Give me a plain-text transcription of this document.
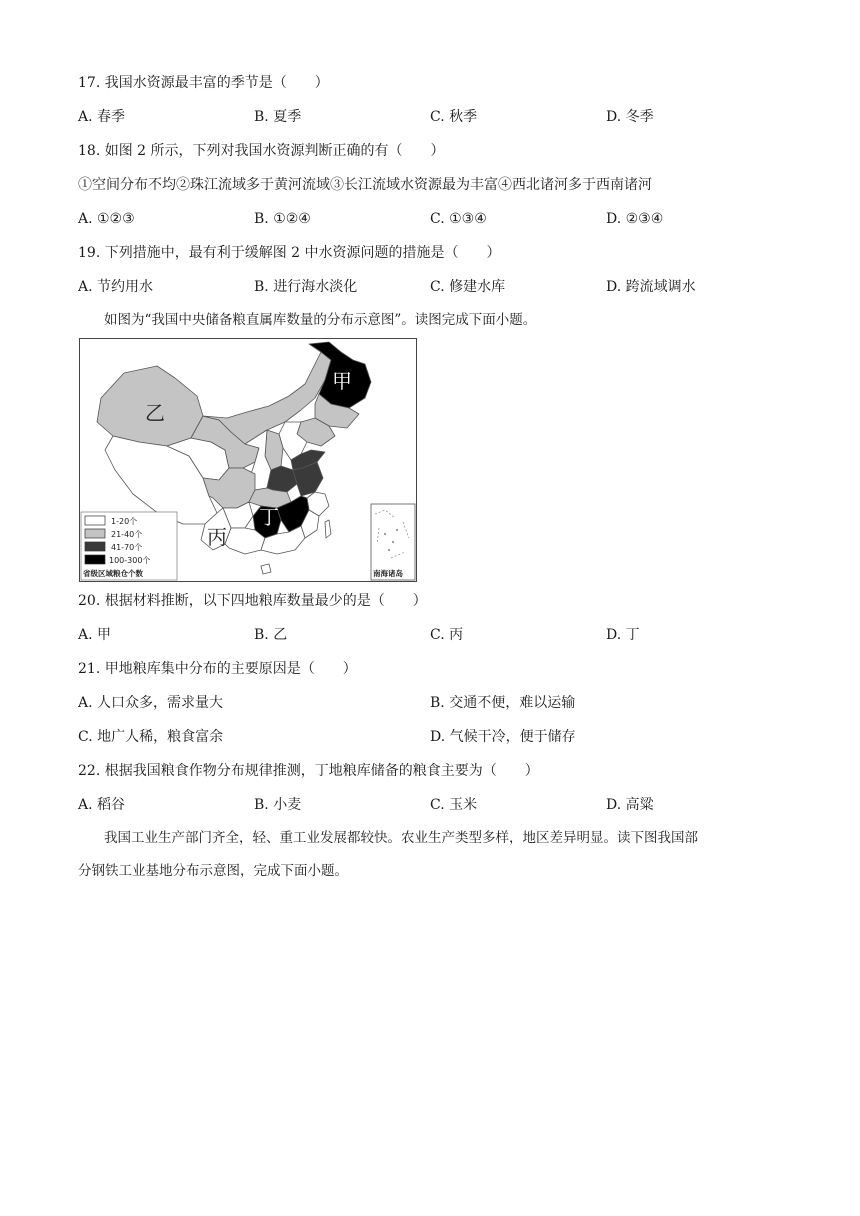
17. 我国水资源最丰富的季节是（　　）
A. 春季	B. 夏季	C. 秋季	D. 冬季
18. 如图 2 所示，下列对我国水资源判断正确的有（　　）
①空间分布不均②珠江流域多于黄河流域③长江流域水资源最为丰富④西北诸河多于西南诸河
A. ①②③	B. ①②④	C. ①③④	D. ②③④
19. 下列措施中，最有利于缓解图 2 中水资源问题的措施是（　　）
A. 节约用水	B. 进行海水淡化	C. 修建水库	D. 跨流域调水
如图为“我国中央储备粮直属库数量的分布示意图”。读图完成下面小题。
甲
乙
丙
丁
1-20个
21-40个
41-70个
100-300个
省级区域粮仓个数	南海诸岛
20. 根据材料推断，以下四地粮库数量最少的是（　　）
A. 甲	B. 乙	C. 丙	D. 丁
21. 甲地粮库集中分布的主要原因是（　　）
A. 人口众多，需求量大	B. 交通不便，难以运输
C. 地广人稀，粮食富余	D. 气候干冷，便于储存
22. 根据我国粮食作物分布规律推测，丁地粮库储备的粮食主要为（　　）
A. 稻谷	B. 小麦	C. 玉米	D. 高粱
我国工业生产部门齐全，轻、重工业发展都较快。农业生产类型多样，地区差异明显。读下图我国部
分钢铁工业基地分布示意图，完成下面小题。
